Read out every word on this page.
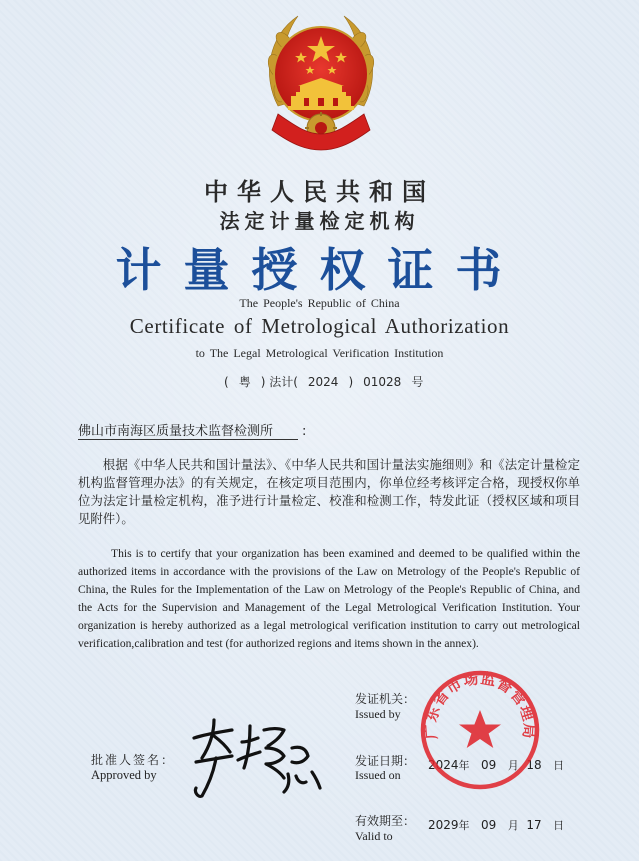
中华人民共和国
法定计量检定机构
计量授权证书
The People's Republic of China
Certificate of Metrological Authorization
to The Legal Metrological Verification Institution
( 粤 ) 法计( 2024 ) 01028 号
佛山市南海区质量技术监督检测所 :
根据《中华人民共和国计量法》、《中华人民共和国计量法实施细则》和《法定计量检定机构监督管理办法》的有关规定，在核定项目范围内，你单位经考核评定合格，现授权你单位为法定计量检定机构，准予进行计量检定、校准和检测工作，特发此证（授权区域和项目见附件）。
This is to certify that your organization has been examined and deemed to be qualified within the authorized items in accordance with the provisions of the Law on Metrology of the People's Republic of China, the Rules for the Implementation of the Law on Metrology of the People's Republic of China, and the Acts for the Supervision and Management of the Legal Metrological Verification Institution. Your organization is hereby authorized as a legal metrological verification institution to carry out metrological verification,calibration and test (for authorized regions and items shown in the annex).
发证机关：
Issued by
批准人签名：
Approved by
发证日期：
Issued on
2024年 09 月 18 日
有效期至：
Valid to
2029年 09 月 17 日
广东省市场监督管理局
